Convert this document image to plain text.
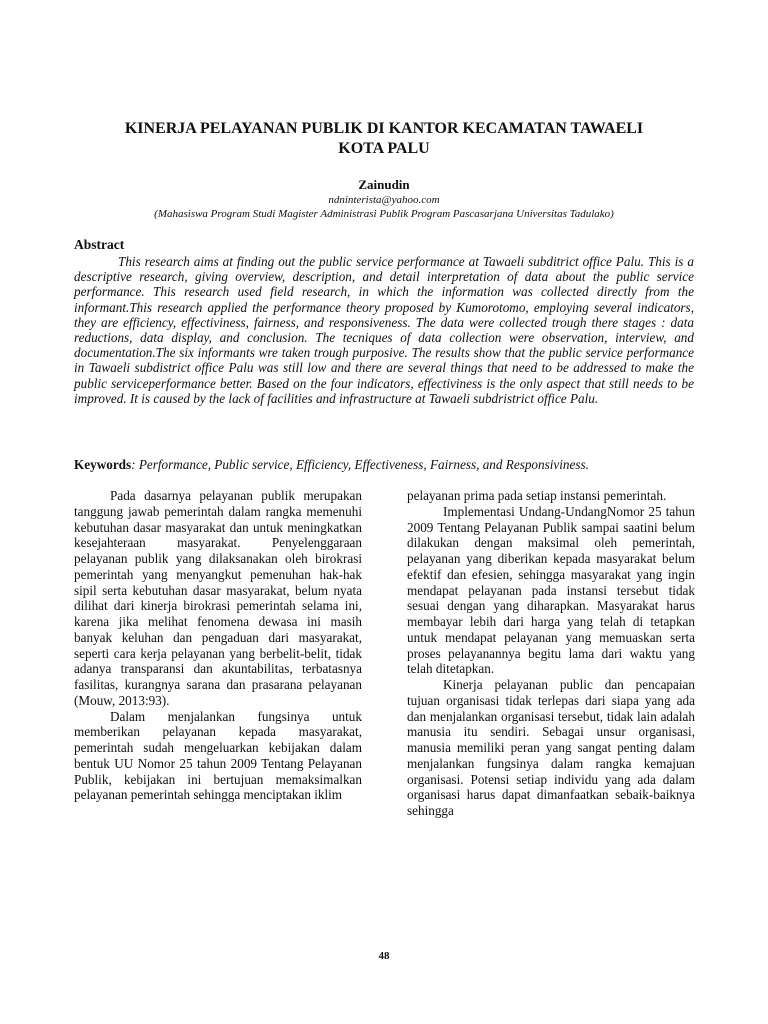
KINERJA PELAYANAN PUBLIK DI KANTOR KECAMATAN TAWAELI
KOTA PALU
Zainudin
ndninterista@yahoo.com
(Mahasiswa Program Studi Magister Administrasi Publik Program Pascasarjana Universitas Tadulako)
Abstract

This research aims at finding out the public service performance at Tawaeli subditrict office Palu. This is a descriptive research, giving overview, description, and detail interpretation of data about the public service performance. This research used field research, in which the information was collected directly from the informant.This research applied the performance theory proposed by Kumorotomo, employing several indicators, they are efficiency, effectiviness, fairness, and responsiveness. The data were collected trough there stages : data reductions, data display, and conclusion. The tecniques of data collection were observation, interview, and documentation.The six informants wre taken trough purposive. The results show that the public service performance in Tawaeli subdistrict office Palu was still low and there are several things that need to be addressed to make the public serviceperformance better. Based on the four indicators, effectiviness is the only aspect that still needs to be improved. It is caused by the lack of facilities and infrastructure at Tawaeli subdristrict office Palu.

Keywords: Performance, Public service, Efficiency, Effectiveness, Fairness, and Responsiviness.

Pada dasarnya pelayanan publik merupakan tanggung jawab pemerintah dalam rangka memenuhi kebutuhan dasar masyarakat dan untuk meningkatkan kesejahteraan masyarakat. Penyelenggaraan pelayanan publik yang dilaksanakan oleh birokrasi pemerintah yang menyangkut pemenuhan hak-hak sipil serta kebutuhan dasar masyarakat, belum nyata dilihat dari kinerja birokrasi pemerintah selama ini, karena jika melihat fenomena dewasa ini masih banyak keluhan dan pengaduan dari masyarakat, seperti cara kerja pelayanan yang berbelit-belit, tidak adanya transparansi dan akuntabilitas, terbatasnya fasilitas, kurangnya sarana dan prasarana pelayanan (Mouw, 2013:93).

Dalam menjalankan fungsinya untuk memberikan pelayanan kepada masyarakat, pemerintah sudah mengeluarkan kebijakan dalam bentuk UU Nomor 25 tahun 2009 Tentang Pelayanan Publik, kebijakan ini bertujuan memaksimalkan pelayanan pemerintah sehingga menciptakan iklim

pelayanan prima pada setiap instansi pemerintah.

Implementasi Undang-UndangNomor 25 tahun 2009 Tentang Pelayanan Publik sampai saatini belum dilakukan dengan maksimal oleh pemerintah, pelayanan yang diberikan kepada masyarakat belum efektif dan efesien, sehingga masyarakat yang ingin mendapat pelayanan pada instansi tersebut tidak sesuai dengan yang diharapkan. Masyarakat harus membayar lebih dari harga yang telah di tetapkan untuk mendapat pelayanan yang memuaskan serta proses pelayanannya begitu lama dari waktu yang telah ditetapkan.

Kinerja pelayanan public dan pencapaian tujuan organisasi tidak terlepas dari siapa yang ada dan menjalankan organisasi tersebut, tidak lain adalah manusia itu sendiri. Sebagai unsur organisasi, manusia memiliki peran yang sangat penting dalam menjalankan fungsinya dalam rangka kemajuan organisasi. Potensi setiap individu yang ada dalam organisasi harus dapat dimanfaatkan sebaik-baiknya sehingga

48
